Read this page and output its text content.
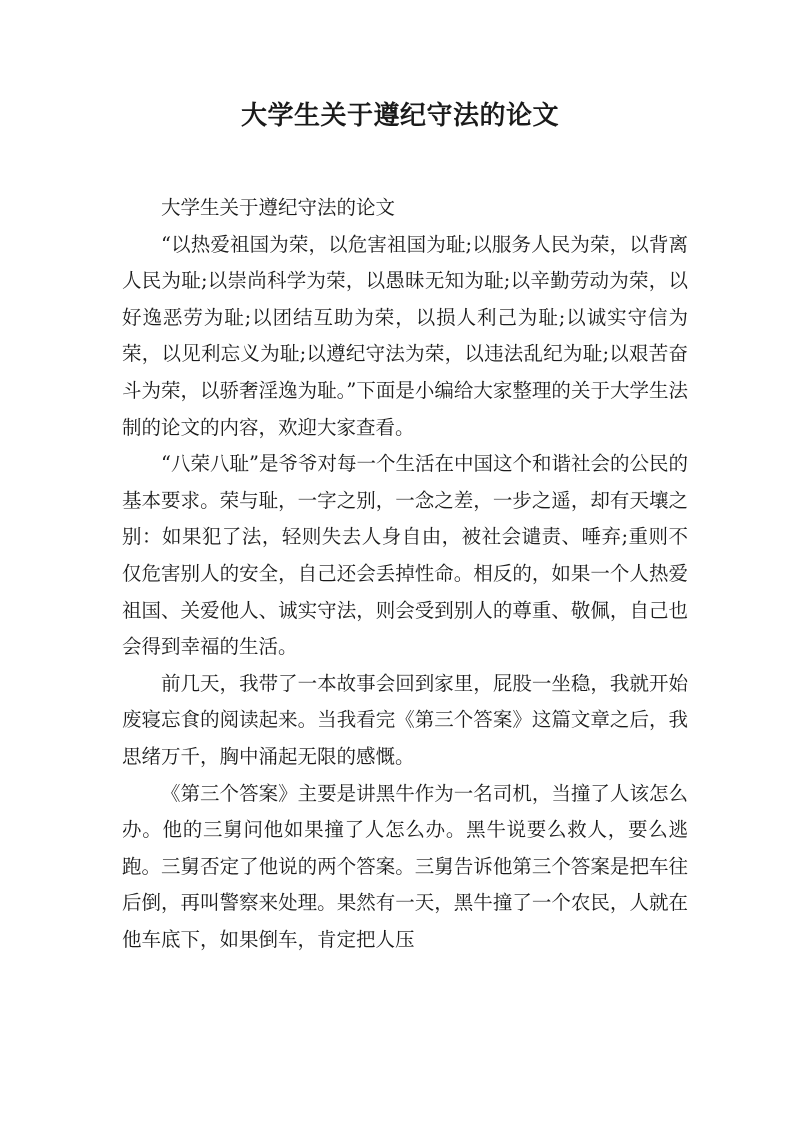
大学生关于遵纪守法的论文

大学生关于遵纪守法的论文

“以热爱祖国为荣，以危害祖国为耻;以服务人民为荣，以背离人民为耻;以崇尚科学为荣，以愚昧无知为耻;以辛勤劳动为荣，以好逸恶劳为耻;以团结互助为荣，以损人利己为耻;以诚实守信为荣，以见利忘义为耻;以遵纪守法为荣，以违法乱纪为耻;以艰苦奋斗为荣，以骄奢淫逸为耻。”下面是小编给大家整理的关于大学生法制的论文的内容，欢迎大家查看。

“八荣八耻”是爷爷对每一个生活在中国这个和谐社会的公民的基本要求。荣与耻，一字之别，一念之差，一步之遥，却有天壤之别：如果犯了法，轻则失去人身自由，被社会谴责、唾弃;重则不仅危害别人的安全，自己还会丢掉性命。相反的，如果一个人热爱祖国、关爱他人、诚实守法，则会受到别人的尊重、敬佩，自己也会得到幸福的生活。

前几天，我带了一本故事会回到家里，屁股一坐稳，我就开始废寝忘食的阅读起来。当我看完《第三个答案》这篇文章之后，我思绪万千，胸中涌起无限的感慨。

《第三个答案》主要是讲黑牛作为一名司机，当撞了人该怎么办。他的三舅问他如果撞了人怎么办。黑牛说要么救人，要么逃跑。三舅否定了他说的两个答案。三舅告诉他第三个答案是把车往后倒，再叫警察来处理。果然有一天，黑牛撞了一个农民，人就在他车底下，如果倒车，肯定把人压
